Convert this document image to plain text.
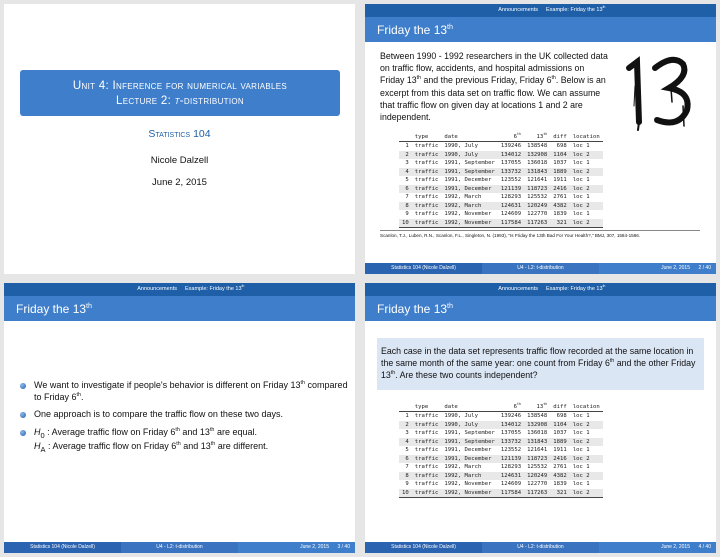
Unit 4: Inference for numerical variables
Lecture 2: t-distribution
Statistics 104
Nicole Dalzell
June 2, 2015
Announcements Example: Friday the 13th
Friday the 13th
Between 1990 - 1992 researchers in the UK collected data on traffic flow, accidents, and hospital admissions on Friday 13th and the previous Friday, Friday 6th. Below is an excerpt from this data set on traffic flow. We can assume that traffic flow on given day at locations 1 and 2 are independent.
	type	date	6th	13th	diff	location
1	traffic	1990, July	139246	138548	698	loc 1
2	traffic	1990, July	134012	132908	1104	loc 2
3	traffic	1991, September	137055	136018	1037	loc 1
4	traffic	1991, September	133732	131843	1889	loc 2
5	traffic	1991, December	123552	121641	1911	loc 1
6	traffic	1991, December	121139	118723	2416	loc 2
7	traffic	1992, March	128293	125532	2761	loc 1
8	traffic	1992, March	124631	120249	4382	loc 2
9	traffic	1992, November	124609	122770	1839	loc 1
10	traffic	1992, November	117584	117263	321	loc 2
Scanlon, T.J., Luben, R.N., Scanlon, F.L., Singleton, N. (1993), "Is Friday the 13th Bad For Your Health?," BMJ, 307, 1584-1586.
Statistics 104 (Nicole Dalzell)	U4 - L2: t-distribution	June 2, 2015 2 / 40
Announcements Example: Friday the 13th
Friday the 13th
We want to investigate if people's behavior is different on Friday 13th compared to Friday 6th.
One approach is to compare the traffic flow on these two days.
$H_0$ : Average traffic flow on Friday 6th and 13th are equal.
$H_A$ : Average traffic flow on Friday 6th and 13th are different.
Statistics 104 (Nicole Dalzell)	U4 - L2: t-distribution	June 2, 2015 3 / 40
Announcements Example: Friday the 13th
Friday the 13th
Each case in the data set represents traffic flow recorded at the same location in the same month of the same year: one count from Friday 6th and the other Friday 13th. Are these two counts independent?
	type	date	6th	13th	diff	location
1	traffic	1990, July	139246	138548	698	loc 1
2	traffic	1990, July	134012	132908	1104	loc 2
3	traffic	1991, September	137055	136018	1037	loc 1
4	traffic	1991, September	133732	131843	1889	loc 2
5	traffic	1991, December	123552	121641	1911	loc 1
6	traffic	1991, December	121139	118723	2416	loc 2
7	traffic	1992, March	128293	125532	2761	loc 1
8	traffic	1992, March	124631	120249	4382	loc 2
9	traffic	1992, November	124609	122770	1839	loc 1
10	traffic	1992, November	117584	117263	321	loc 2
Statistics 104 (Nicole Dalzell)	U4 - L2: t-distribution	June 2, 2015 4 / 40
